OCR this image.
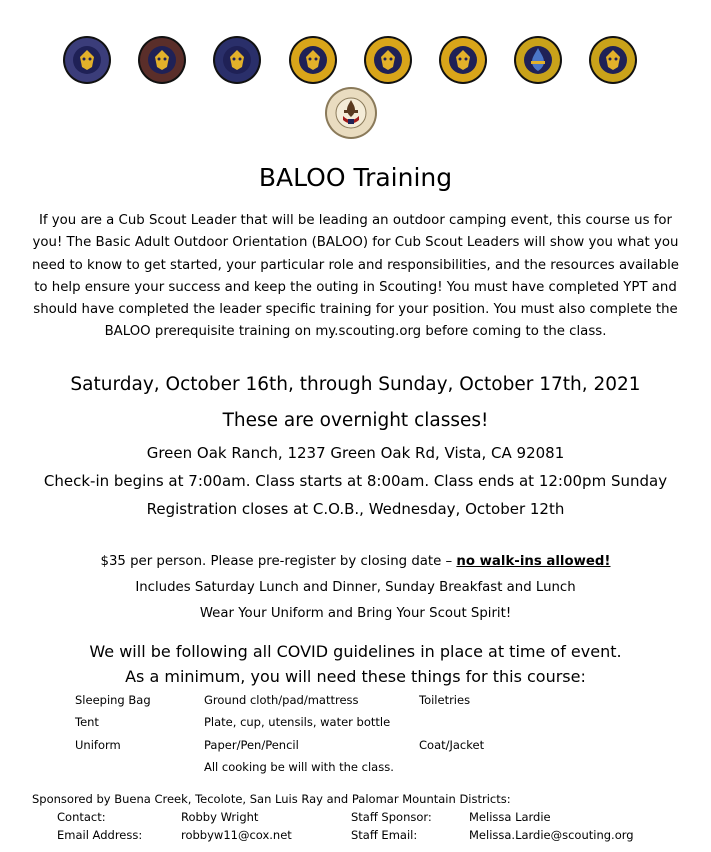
BALOO Training

If you are a Cub Scout Leader that will be leading an outdoor camping event, this course us for you! The Basic Adult Outdoor Orientation (BALOO) for Cub Scout Leaders will show you what you need to know to get started, your particular role and responsibilities, and the resources available to help ensure your success and keep the outing in Scouting! You must have completed YPT and should have completed the leader specific training for your position. You must also complete the BALOO prerequisite training on my.scouting.org before coming to the class.

Saturday, October 16th, through Sunday, October 17th, 2021
These are overnight classes!
Green Oak Ranch, 1237 Green Oak Rd, Vista, CA 92081
Check-in begins at 7:00am. Class starts at 8:00am. Class ends at 12:00pm Sunday
Registration closes at C.O.B., Wednesday, October 12th
$35 per person. Please pre-register by closing date – no walk-ins allowed!
Includes Saturday Lunch and Dinner, Sunday Breakfast and Lunch
Wear Your Uniform and Bring Your Scout Spirit!
We will be following all COVID guidelines in place at time of event.
As a minimum, you will need these things for this course:
Sleeping Bag	Ground cloth/pad/mattress	Toiletries
Tent	Plate, cup, utensils, water bottle
Uniform	Paper/Pen/Pencil	Coat/Jacket
All cooking be will with the class.
Sponsored by Buena Creek, Tecolote, San Luis Ray and Palomar Mountain Districts:
Contact:	Robby Wright	Staff Sponsor:	Melissa Lardie
Email Address:	robbyw11@cox.net	Staff Email:	Melissa.Lardie@scouting.org
